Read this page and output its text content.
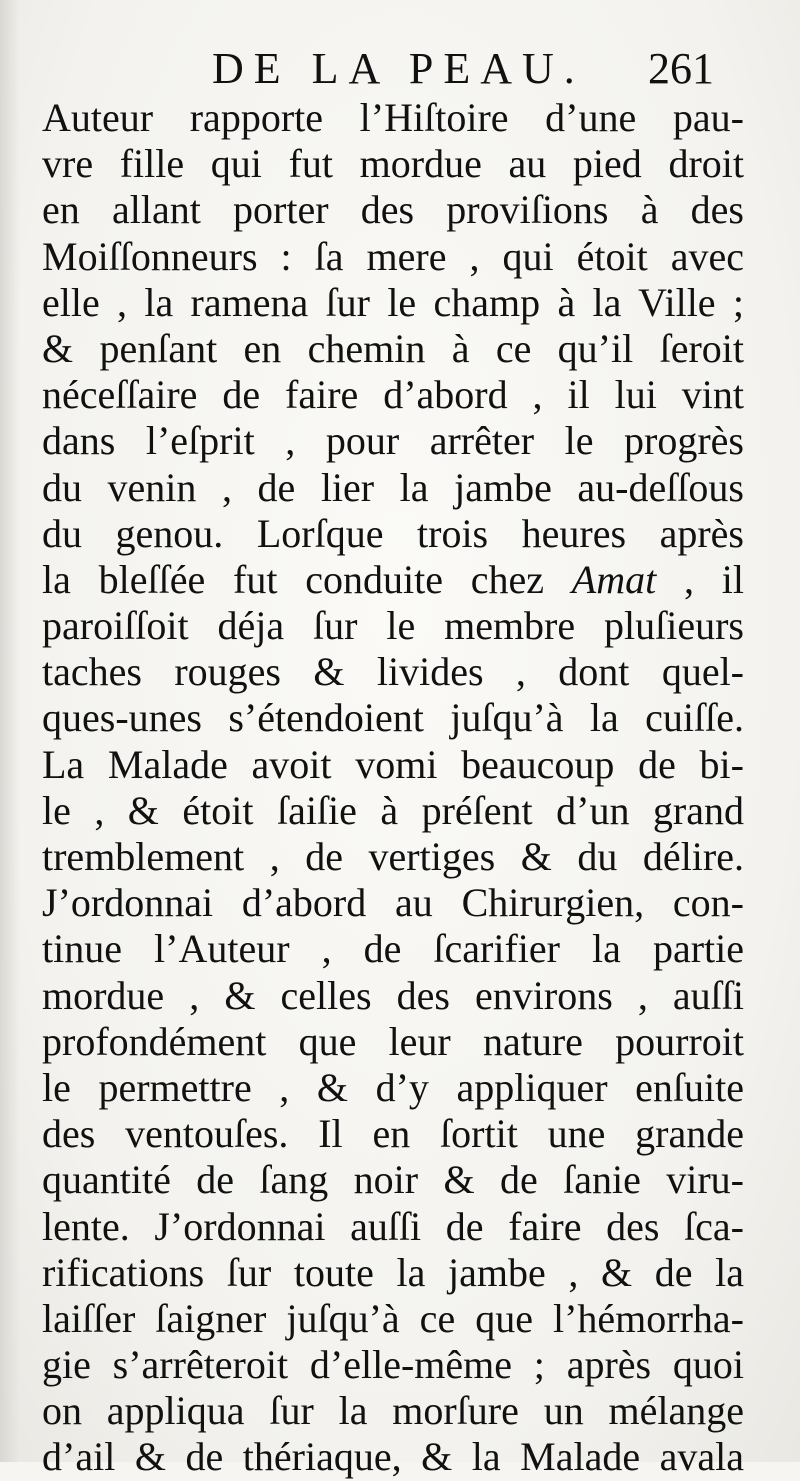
DE LA PEAU. 261
Auteur rapporte l’Hiſtoire d’une pau-
vre fille qui fut mordue au pied droit
en allant porter des proviſions à des
Moiſſonneurs : ſa mere , qui étoit avec
elle , la ramena ſur le champ à la Ville ;
& penſant en chemin à ce qu’il ſeroit
néceſſaire de faire d’abord , il lui vint
dans l’eſprit , pour arrêter le progrès
du venin , de lier la jambe au-deſſous
du genou. Lorſque trois heures après
la bleſſée fut conduite chez Amat , il
paroiſſoit déja ſur le membre pluſieurs
taches rouges & livides , dont quel-
ques-unes s’étendoient juſqu’à la cuiſſe.
La Malade avoit vomi beaucoup de bi-
le , & étoit ſaiſie à préſent d’un grand
tremblement , de vertiges & du délire.
J’ordonnai d’abord au Chirurgien, con-
tinue l’Auteur , de ſcarifier la partie
mordue , & celles des environs , auſſi
profondément que leur nature pourroit
le permettre , & d’y appliquer enſuite
des ventouſes. Il en ſortit une grande
quantité de ſang noir & de ſanie viru-
lente. J’ordonnai auſſi de faire des ſca-
rifications ſur toute la jambe , & de la
laiſſer ſaigner juſqu’à ce que l’hémorrha-
gie s’arrêteroit d’elle-même ; après quoi
on appliqua ſur la morſure un mélange
d’ail & de thériaque, & la Malade avala
